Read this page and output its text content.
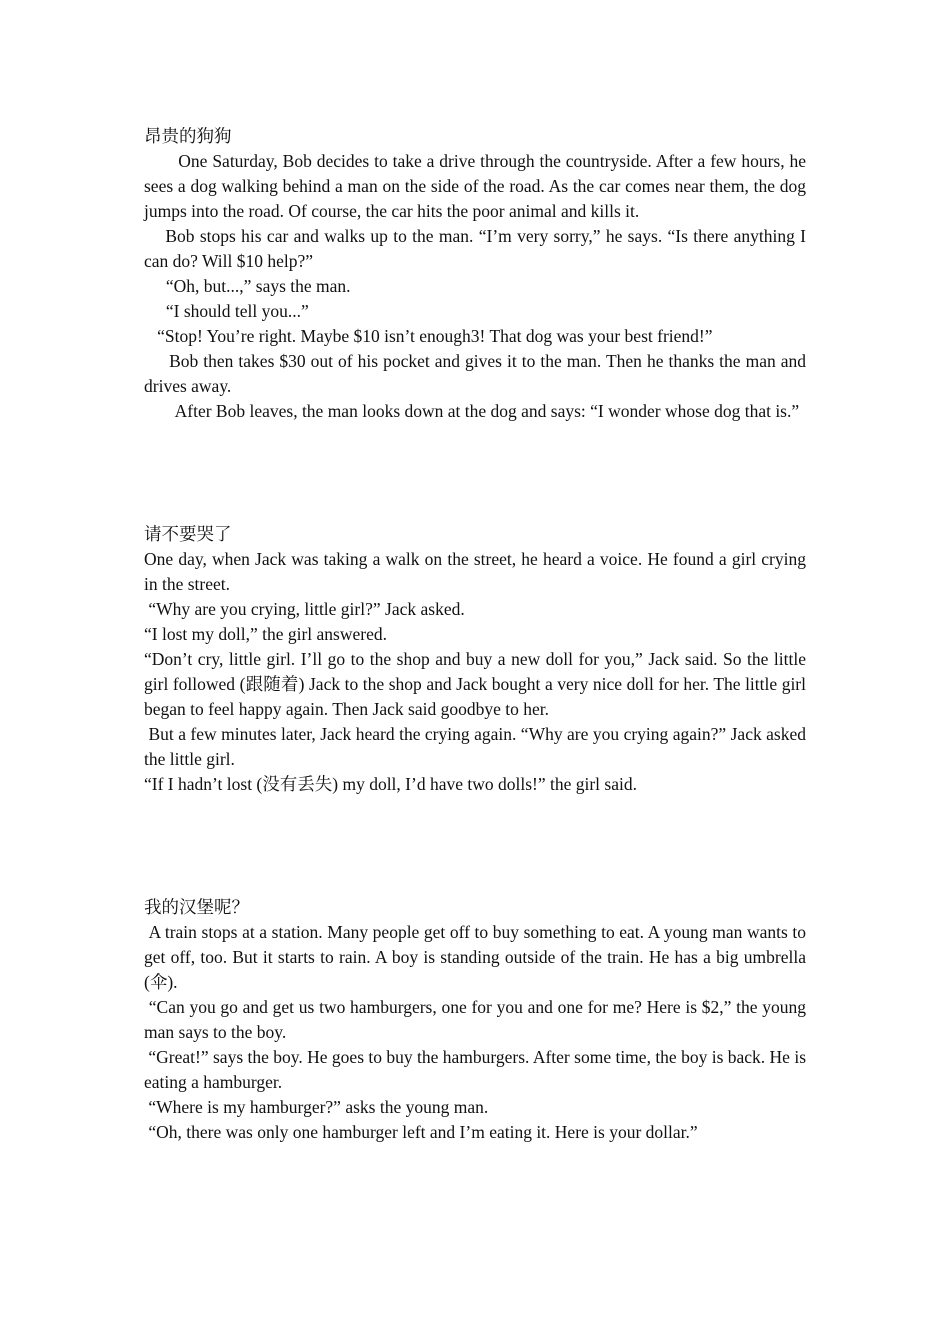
昂贵的狗狗

One Saturday, Bob decides to take a drive through the countryside. After a few hours, he sees a dog walking behind a man on the side of the road. As the car comes near them, the dog jumps into the road. Of course, the car hits the poor animal and kills it.

Bob stops his car and walks up to the man. “I’m very sorry,” he says. “Is there anything I can do? Will $10 help?”

“Oh, but...,” says the man.

“I should tell you...”

“Stop! You’re right. Maybe $10 isn’t enough3! That dog was your best friend!”

Bob then takes $30 out of his pocket and gives it to the man. Then he thanks the man and drives away.

After Bob leaves, the man looks down at the dog and says: “I wonder whose dog that is.”

请不要哭了

One day, when Jack was taking a walk on the street, he heard a voice. He found a girl crying in the street.

“Why are you crying, little girl?” Jack asked.

“I lost my doll,” the girl answered.

“Don’t cry, little girl. I’ll go to the shop and buy a new doll for you,” Jack said. So the little girl followed (跟随着) Jack to the shop and Jack bought a very nice doll for her. The little girl began to feel happy again. Then Jack said goodbye to her.

But a few minutes later, Jack heard the crying again. “Why are you crying again?” Jack asked the little girl.

“If I hadn’t lost (没有丢失) my doll, I’d have two dolls!” the girl said.

我的汉堡呢？

A train stops at a station. Many people get off to buy something to eat. A young man wants to get off, too. But it starts to rain. A boy is standing outside of the train. He has a big umbrella (伞).

“Can you go and get us two hamburgers, one for you and one for me? Here is $2,” the young man says to the boy.

“Great!” says the boy. He goes to buy the hamburgers. After some time, the boy is back. He is eating a hamburger.

“Where is my hamburger?” asks the young man.

“Oh, there was only one hamburger left and I’m eating it. Here is your dollar.”
